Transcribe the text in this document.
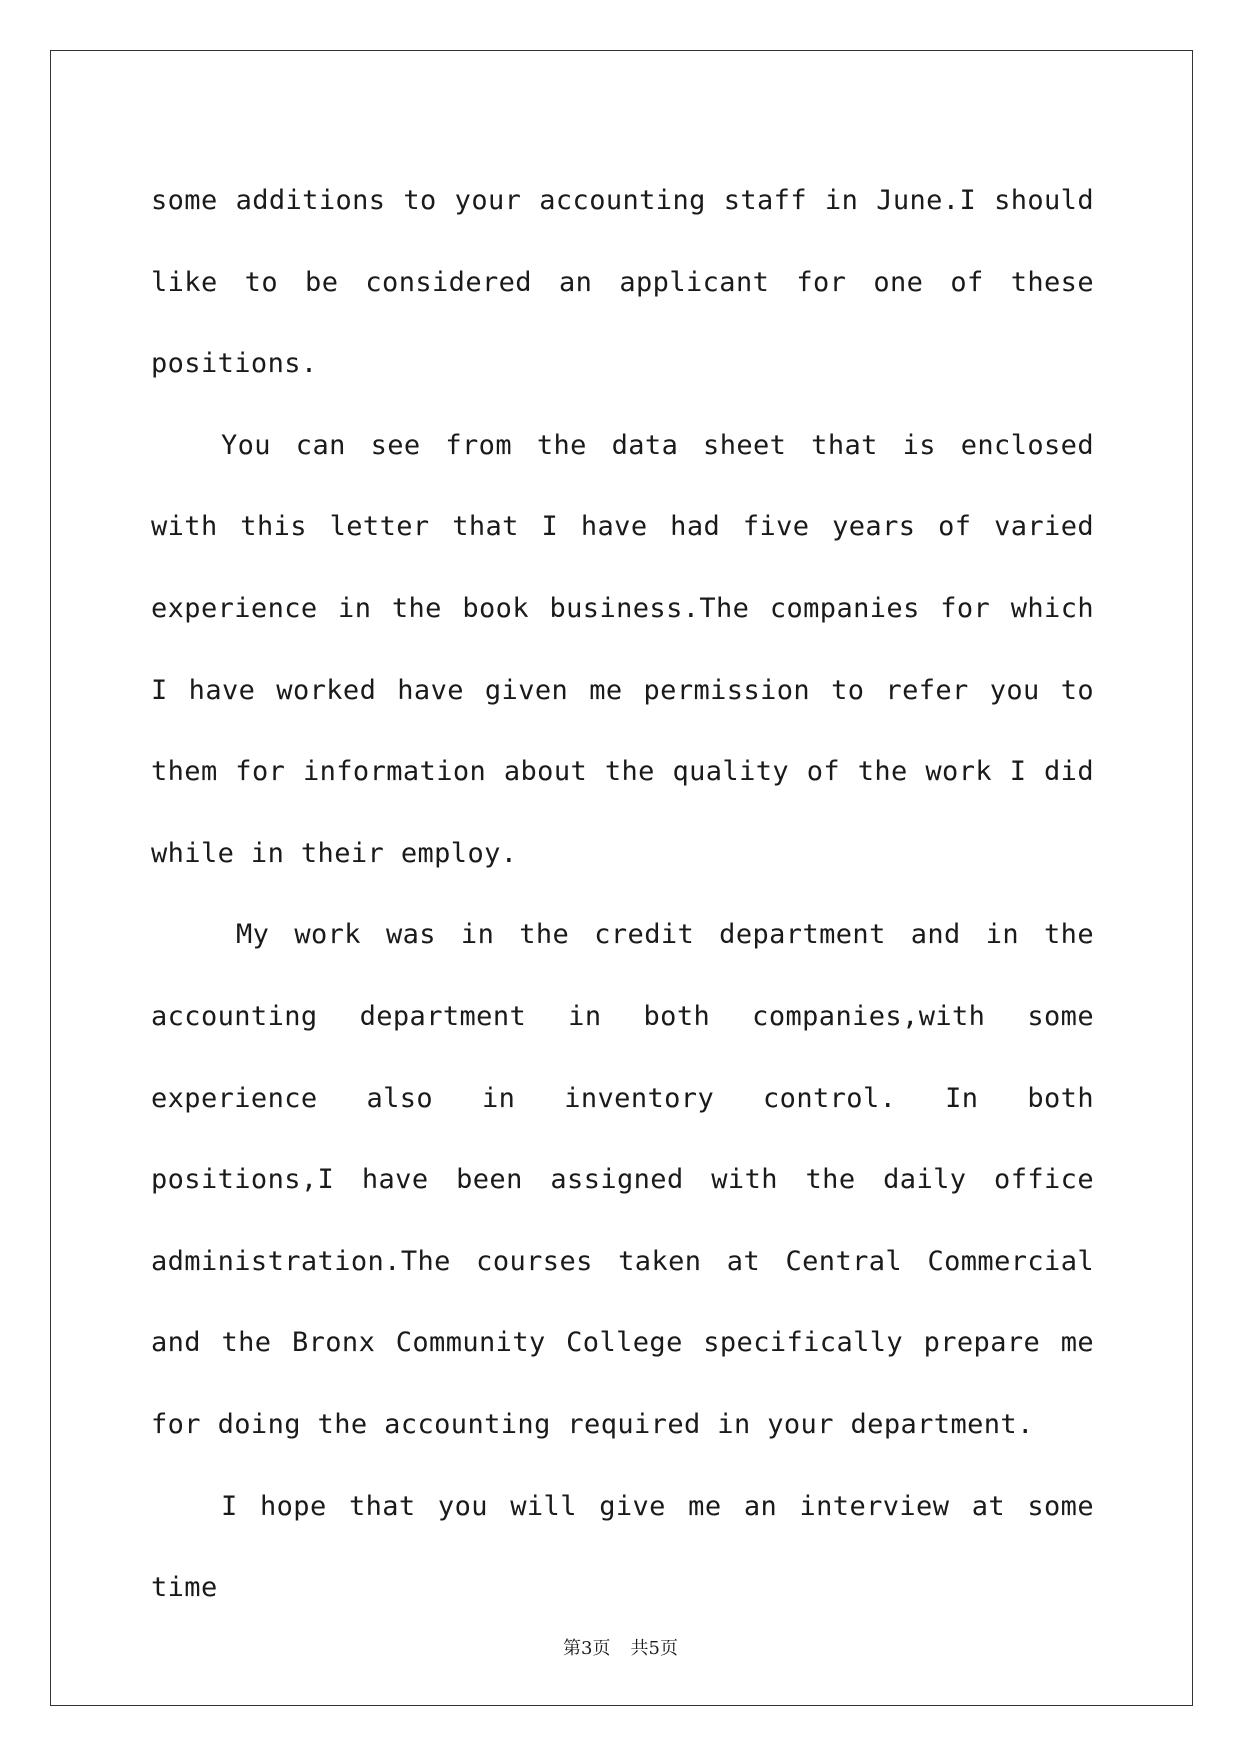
some additions to your accounting staff in June.I should like to be considered an applicant for one of these positions.

You can see from the data sheet that is enclosed with this letter that I have had five years of varied experience in the book business.The companies for which I have worked have given me permission to refer you to them for information about the quality of the work I did while in their employ.

My work was in the credit department and in the accounting department in both companies,with some experience also in inventory control. In both positions,I have been assigned with the daily office administration.The courses taken at Central Commercial and the Bronx Community College specifically prepare me for doing the accounting required in your department.

I hope that you will give me an interview at some time

第3页 共5页
